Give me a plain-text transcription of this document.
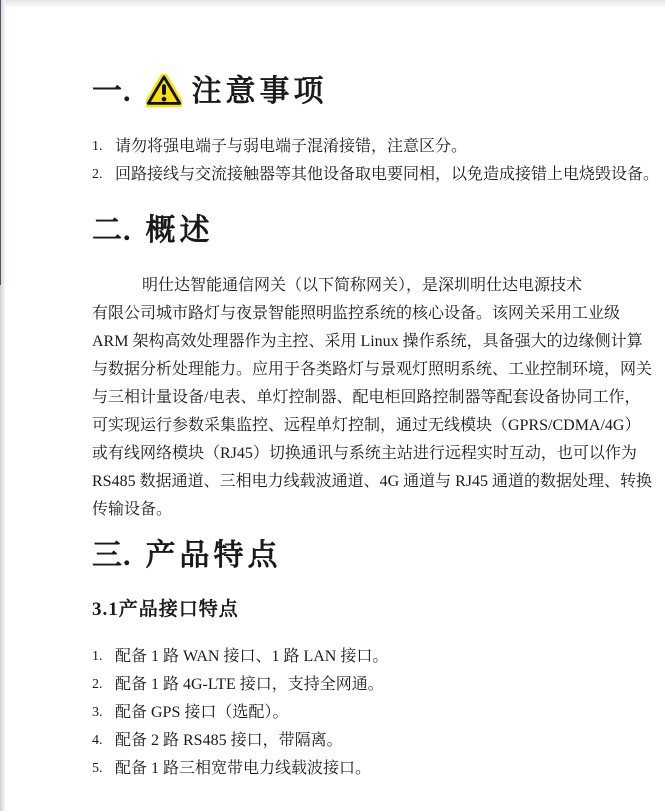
一. 注意事项
1. 请勿将强电端子与弱电端子混淆接错，注意区分。
2. 回路接线与交流接触器等其他设备取电要同相，以免造成接错上电烧毁设备。
二. 概述
明仕达智能通信网关（以下简称网关），是深圳明仕达电源技术
有限公司城市路灯与夜景智能照明监控系统的核心设备。该网关采用工业级
ARM 架构高效处理器作为主控、采用 Linux 操作系统，具备强大的边缘侧计算
与数据分析处理能力。应用于各类路灯与景观灯照明系统、工业控制环境，网关
与三相计量设备/电表、单灯控制器、配电柜回路控制器等配套设备协同工作，
可实现运行参数采集监控、远程单灯控制，通过无线模块（GPRS/CDMA/4G）
或有线网络模块（RJ45）切换通讯与系统主站进行远程实时互动，也可以作为
RS485 数据通道、三相电力线载波通道、4G 通道与 RJ45 通道的数据处理、转换
传输设备。
三. 产品特点
3.1产品接口特点
1. 配备 1 路 WAN 接口、1 路 LAN 接口。
2. 配备 1 路 4G-LTE 接口，支持全网通。
3. 配备 GPS 接口（选配）。
4. 配备 2 路 RS485 接口，带隔离。
5. 配备 1 路三相宽带电力线载波接口。
